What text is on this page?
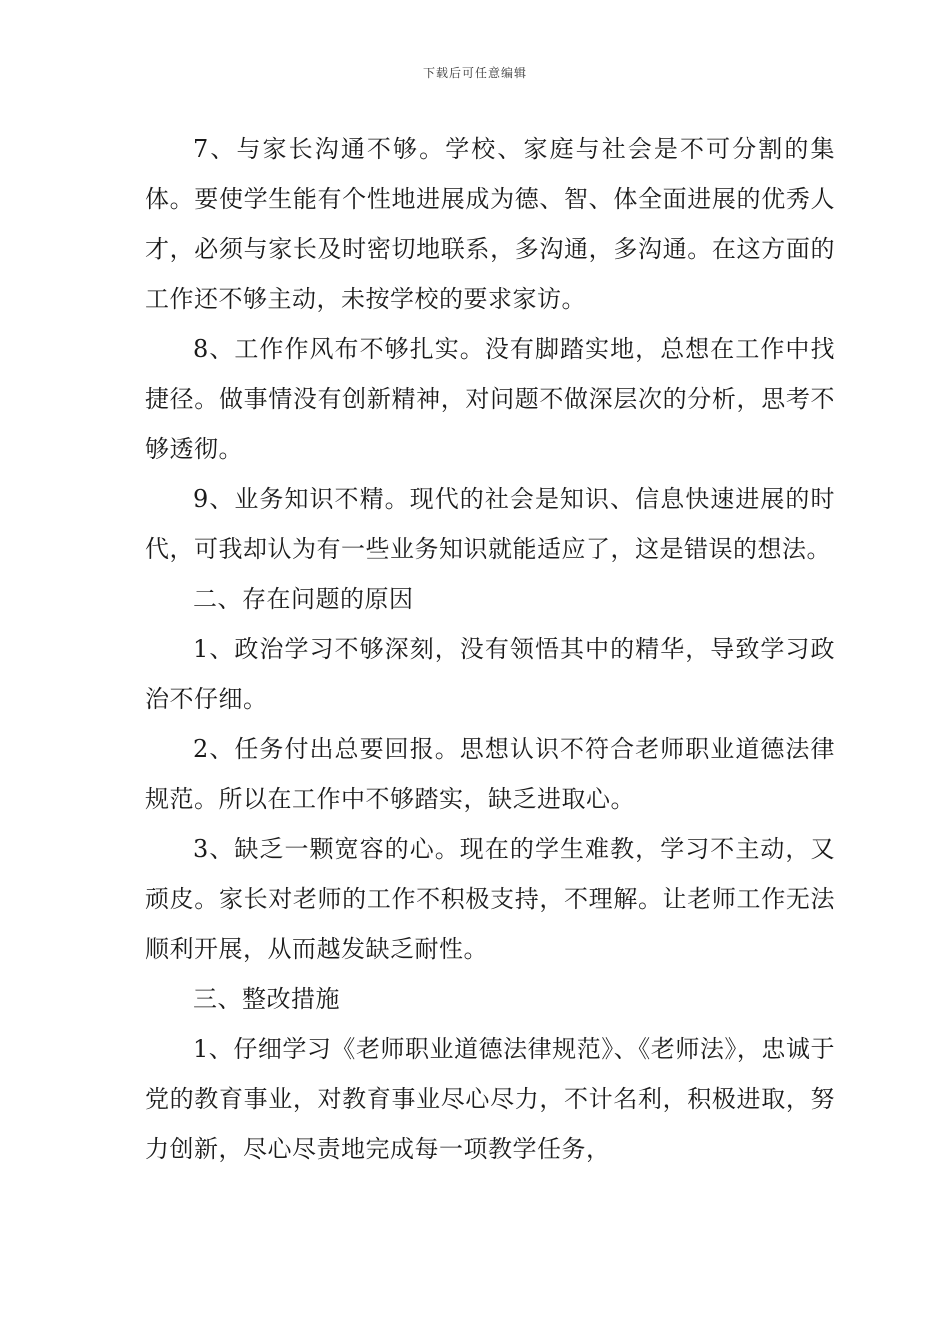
下载后可任意编辑

7、与家长沟通不够。学校、家庭与社会是不可分割的集体。要使学生能有个性地进展成为德、智、体全面进展的优秀人才，必须与家长及时密切地联系，多沟通，多沟通。在这方面的工作还不够主动，未按学校的要求家访。

8、工作作风布不够扎实。没有脚踏实地，总想在工作中找捷径。做事情没有创新精神，对问题不做深层次的分析，思考不够透彻。

9、业务知识不精。现代的社会是知识、信息快速进展的时代，可我却认为有一些业务知识就能适应了，这是错误的想法。

二、存在问题的原因

1、政治学习不够深刻，没有领悟其中的精华，导致学习政治不仔细。

2、任务付出总要回报。思想认识不符合老师职业道德法律规范。所以在工作中不够踏实，缺乏进取心。

3、缺乏一颗宽容的心。现在的学生难教，学习不主动，又顽皮。家长对老师的工作不积极支持，不理解。让老师工作无法顺利开展，从而越发缺乏耐性。

三、整改措施

1、仔细学习《老师职业道德法律规范》、《老师法》，忠诚于党的教育事业，对教育事业尽心尽力，不计名利，积极进取，努力创新，尽心尽责地完成每一项教学任务，
